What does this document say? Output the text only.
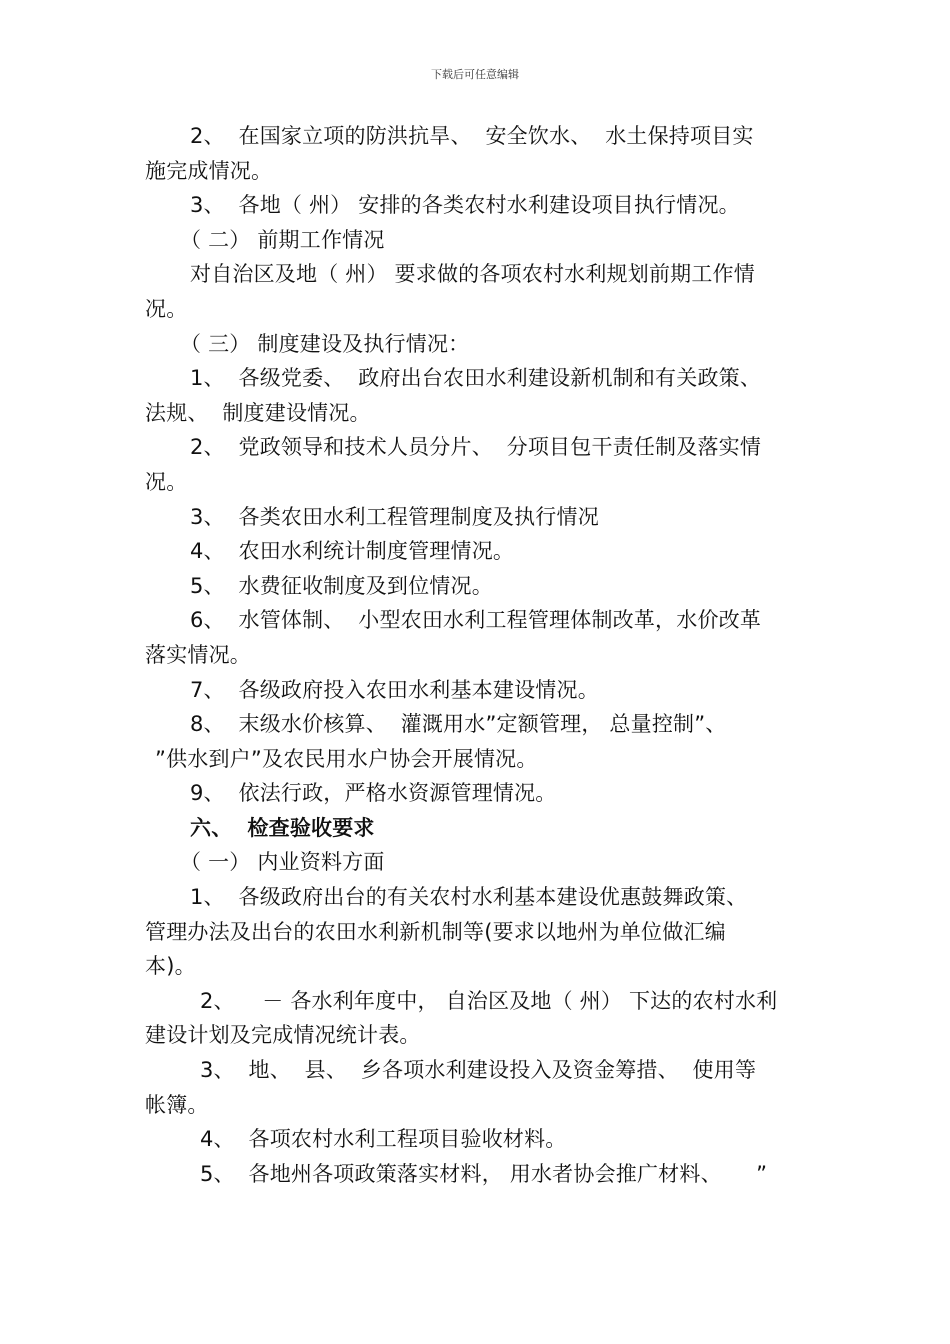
下载后可任意编辑
2、  在国家立项的防洪抗旱、  安全饮水、  水土保持项目实
施完成情况。
3、  各地（ 州） 安排的各类农村水利建设项目执行情况。
（ 二） 前期工作情况
对自治区及地（ 州） 要求做的各项农村水利规划前期工作情
况。
（ 三） 制度建设及执行情况：
1、  各级党委、  政府出台农田水利建设新机制和有关政策、
法规、  制度建设情况。
2、  党政领导和技术人员分片、  分项目包干责任制及落实情
况。
3、  各类农田水利工程管理制度及执行情况
4、  农田水利统计制度管理情况。
5、  水费征收制度及到位情况。
6、  水管体制、  小型农田水利工程管理体制改革，水价改革
落实情况。
7、  各级政府投入农田水利基本建设情况。
8、  末级水价核算、  灌溉用水”定额管理， 总量控制”、
”供水到户”及农民用水户协会开展情况。
9、  依法行政，严格水资源管理情况。
六、  检查验收要求
（ 一） 内业资料方面
1、  各级政府出台的有关农村水利基本建设优惠鼓舞政策、
管理办法及出台的农田水利新机制等(要求以地州为单位做汇编
本)。
2、    － 各水利年度中， 自治区及地（ 州） 下达的农村水利
建设计划及完成情况统计表。
3、  地、  县、  乡各项水利建设投入及资金筹措、  使用等
帐簿。
4、  各项农村水利工程项目验收材料。
5、  各地州各项政策落实材料， 用水者协会推广材料、     ”
